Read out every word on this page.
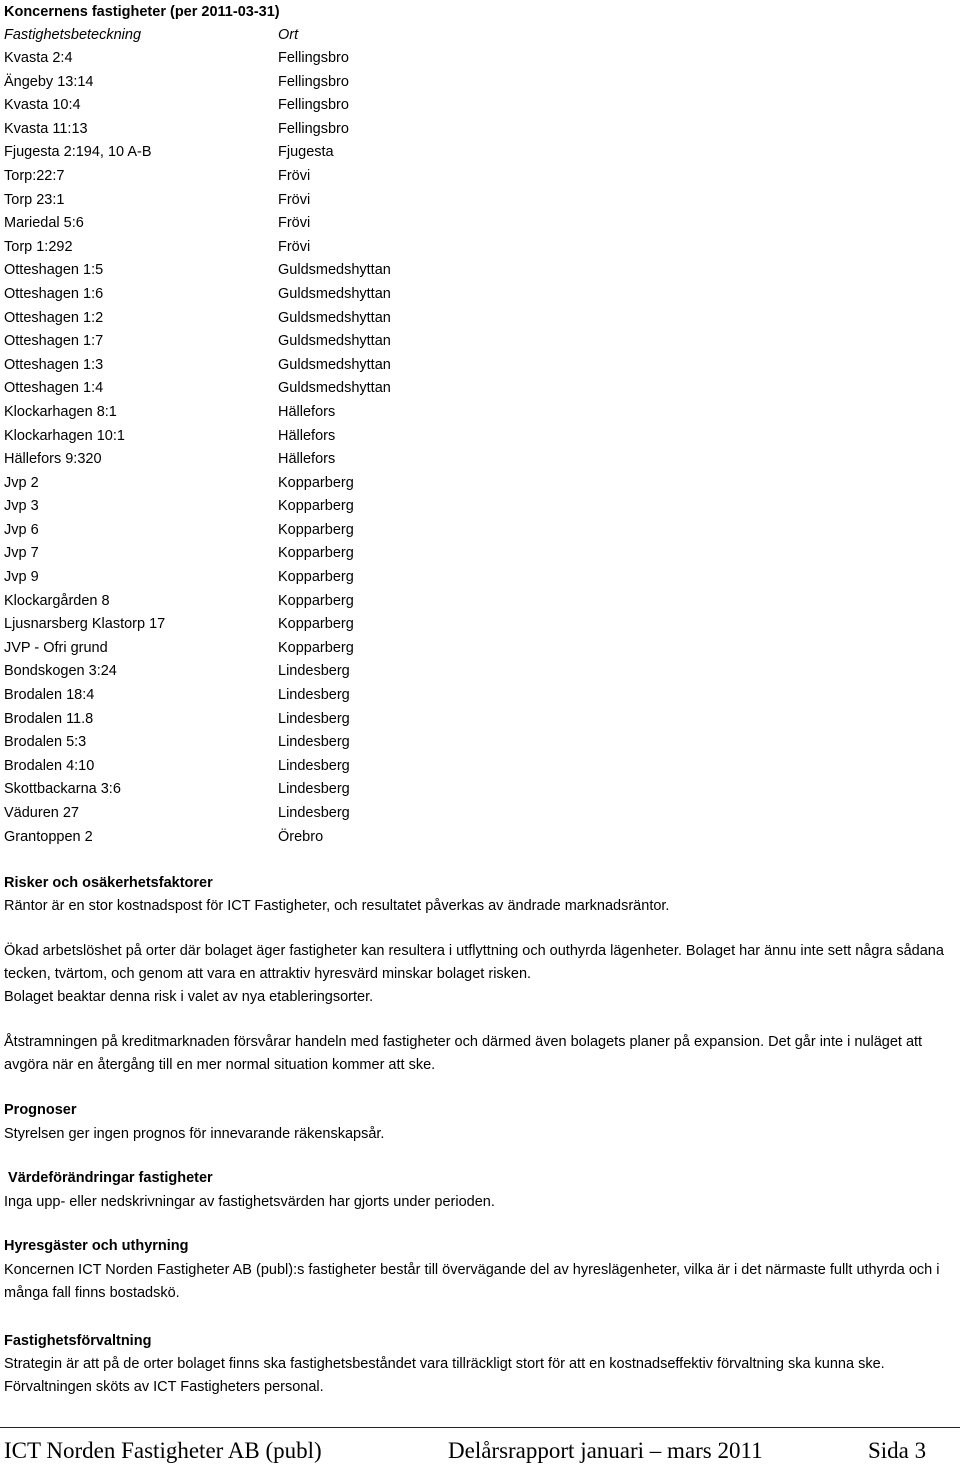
Koncernens fastigheter (per 2011-03-31)
Fastighetsbeteckning	Ort
Kvasta 2:4	Fellingsbro
Ängeby 13:14	Fellingsbro
Kvasta 10:4	Fellingsbro
Kvasta 11:13	Fellingsbro
Fjugesta 2:194, 10 A-B	Fjugesta
Torp:22:7	Frövi
Torp 23:1	Frövi
Mariedal 5:6	Frövi
Torp 1:292	Frövi
Otteshagen 1:5	Guldsmedshyttan
Otteshagen 1:6	Guldsmedshyttan
Otteshagen 1:2	Guldsmedshyttan
Otteshagen 1:7	Guldsmedshyttan
Otteshagen 1:3	Guldsmedshyttan
Otteshagen 1:4	Guldsmedshyttan
Klockarhagen 8:1	Hällefors
Klockarhagen 10:1	Hällefors
Hällefors 9:320	Hällefors
Jvp 2	Kopparberg
Jvp 3	Kopparberg
Jvp 6	Kopparberg
Jvp 7	Kopparberg
Jvp 9	Kopparberg
Klockargården 8	Kopparberg
Ljusnarsberg Klastorp 17	Kopparberg
JVP - Ofri grund	Kopparberg
Bondskogen 3:24	Lindesberg
Brodalen 18:4	Lindesberg
Brodalen 11.8	Lindesberg
Brodalen 5:3	Lindesberg
Brodalen 4:10	Lindesberg
Skottbackarna 3:6	Lindesberg
Väduren 27	Lindesberg
Grantoppen 2	Örebro
Risker och osäkerhetsfaktorer
Räntor är en stor kostnadspost för ICT Fastigheter, och resultatet påverkas av ändrade marknadsräntor.
Ökad arbetslöshet på orter där bolaget äger fastigheter kan resultera i utflyttning och outhyrda lägenheter. Bolaget har ännu inte sett några sådana tecken, tvärtom, och genom att vara en attraktiv hyresvärd minskar bolaget risken.
Bolaget beaktar denna risk i valet av nya etableringsorter.
Åtstramningen på kreditmarknaden försvårar handeln med fastigheter och därmed även bolagets planer på expansion. Det går inte i nuläget att avgöra när en återgång till en mer normal situation kommer att ske.
Prognoser
Styrelsen ger ingen prognos för innevarande räkenskapsår.
Värdeförändringar fastigheter
Inga upp- eller nedskrivningar av fastighetsvärden har gjorts under perioden.
Hyresgäster och uthyrning
Koncernen ICT Norden Fastigheter AB (publ):s fastigheter består till övervägande del av hyreslägenheter, vilka är i det närmaste fullt uthyrda och i många fall finns bostadskö.
Fastighetsförvaltning
Strategin är att på de orter bolaget finns ska fastighetsbeståndet vara tillräckligt stort för att en kostnadseffektiv förvaltning ska kunna ske. Förvaltningen sköts av ICT Fastigheters personal.
ICT Norden Fastigheter AB (publ)	Delårsrapport januari – mars 2011	Sida 3
